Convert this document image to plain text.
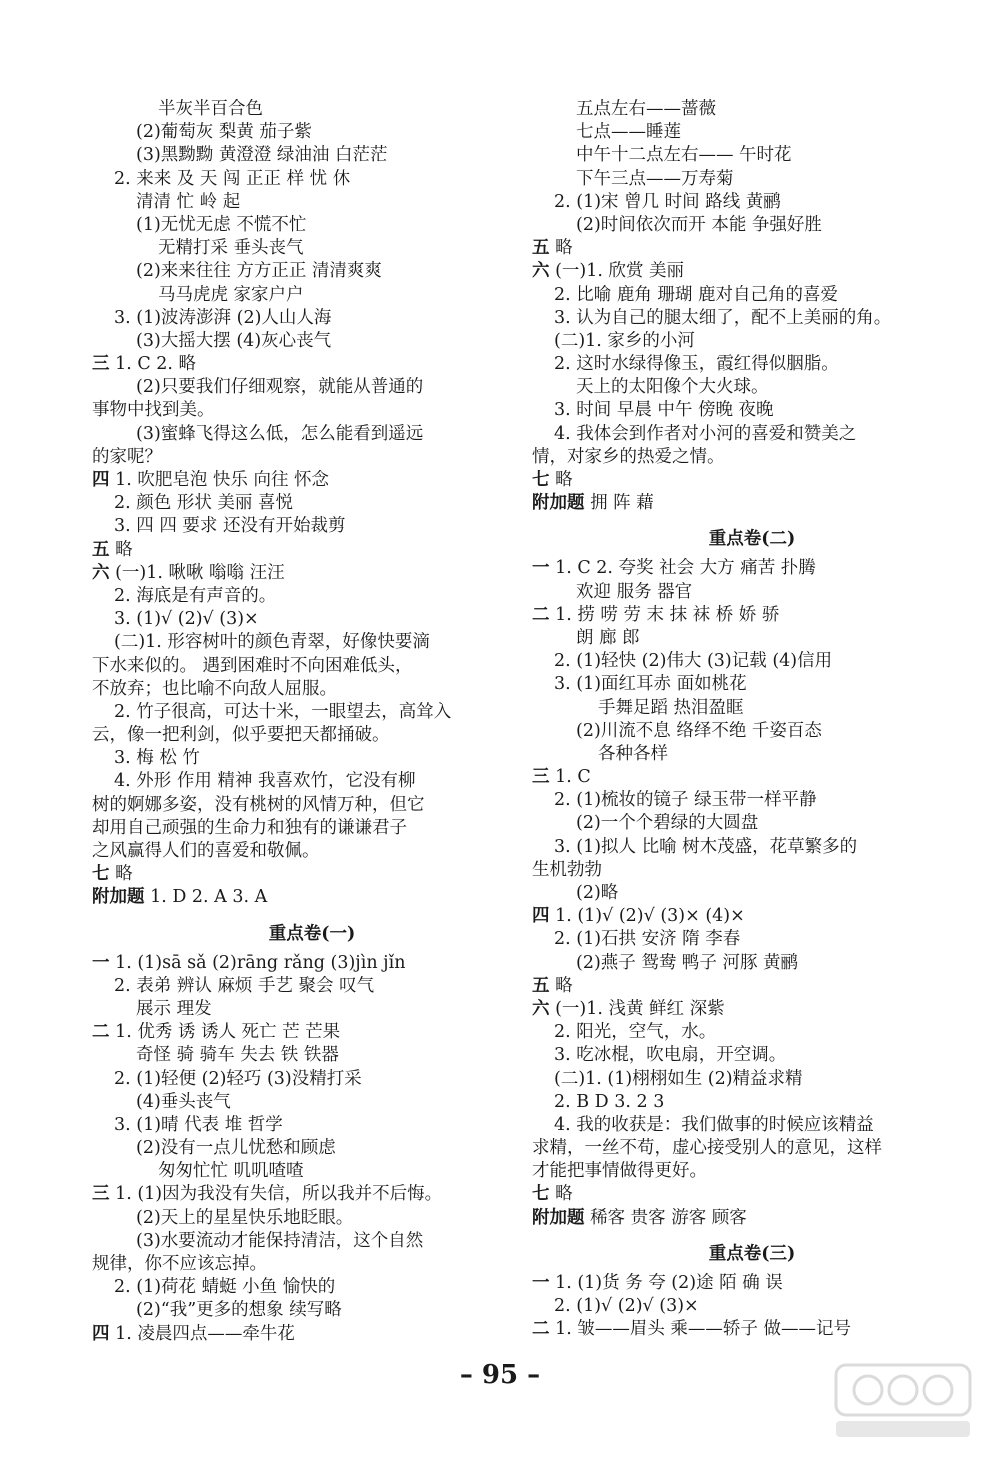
半灰半百合色
(2)葡萄灰 梨黄 茄子紫
(3)黑黝黝 黄澄澄 绿油油 白茫茫
2. 来来 及 天 闯 正正 样 忧 休
清清 忙 岭 起
(1)无忧无虑 不慌不忙
无精打采 垂头丧气
(2)来来往往 方方正正 清清爽爽
马马虎虎 家家户户
3. (1)波涛澎湃 (2)人山人海
(3)大摇大摆 (4)灰心丧气
三 1. C 2. 略
(2)只要我们仔细观察，就能从普通的
事物中找到美。
(3)蜜蜂飞得这么低，怎么能看到遥远
的家呢？
四 1. 吹肥皂泡 快乐 向往 怀念
2. 颜色 形状 美丽 喜悦
3. 四 四 要求 还没有开始裁剪
五 略
六 (一)1. 啾啾 嗡嗡 汪汪
2. 海底是有声音的。
3. (1)√ (2)√ (3)×
(二)1. 形容树叶的颜色青翠，好像快要滴
下水来似的。 遇到困难时不向困难低头，
不放弃；也比喻不向敌人屈服。
2. 竹子很高，可达十米，一眼望去，高耸入
云，像一把利剑，似乎要把天都捅破。
3. 梅 松 竹
4. 外形 作用 精神 我喜欢竹，它没有柳
树的婀娜多姿，没有桃树的风情万种，但它
却用自己顽强的生命力和独有的谦谦君子
之风赢得人们的喜爱和敬佩。
七 略
附加题 1. D 2. A 3. A
重点卷(一)
一 1. (1)sā sǎ (2)rāng rǎng (3)jìn jǐn
2. 表弟 辨认 麻烦 手艺 聚会 叹气
展示 理发
二 1. 优秀 诱 诱人 死亡 芒 芒果
奇怪 骑 骑车 失去 铁 铁器
2. (1)轻便 (2)轻巧 (3)没精打采
(4)垂头丧气
3. (1)晴 代表 堆 哲学
(2)没有一点儿忧愁和顾虑
匆匆忙忙 叽叽喳喳
三 1. (1)因为我没有失信，所以我并不后悔。
(2)天上的星星快乐地眨眼。
(3)水要流动才能保持清洁，这个自然
规律，你不应该忘掉。
2. (1)荷花 蜻蜓 小鱼 愉快的
(2)“我”更多的想象 续写略
四 1. 凌晨四点——牵牛花
五点左右——蔷薇
七点——睡莲
中午十二点左右—— 午时花
下午三点——万寿菊
2. (1)宋 曾几 时间 路线 黄鹂
(2)时间依次而开 本能 争强好胜
五 略
六 (一)1. 欣赏 美丽
2. 比喻 鹿角 珊瑚 鹿对自己角的喜爱
3. 认为自己的腿太细了，配不上美丽的角。
(二)1. 家乡的小河
2. 这时水绿得像玉，霞红得似胭脂。
天上的太阳像个大火球。
3. 时间 早晨 中午 傍晚 夜晚
4. 我体会到作者对小河的喜爱和赞美之
情，对家乡的热爱之情。
七 略
附加题 拥 阵 藉
重点卷(二)
一 1. C 2. 夸奖 社会 大方 痛苦 扑腾
欢迎 服务 器官
二 1. 捞 唠 劳 末 抹 袜 桥 娇 骄
朗 廊 郎
2. (1)轻快 (2)伟大 (3)记载 (4)信用
3. (1)面红耳赤 面如桃花
手舞足蹈 热泪盈眶
(2)川流不息 络绎不绝 千姿百态
各种各样
三 1. C
2. (1)梳妆的镜子 绿玉带一样平静
(2)一个个碧绿的大圆盘
3. (1)拟人 比喻 树木茂盛，花草繁多的
生机勃勃
(2)略
四 1. (1)√ (2)√ (3)× (4)×
2. (1)石拱 安济 隋 李春
(2)燕子 鸳鸯 鸭子 河豚 黄鹂
五 略
六 (一)1. 浅黄 鲜红 深紫
2. 阳光，空气，水。
3. 吃冰棍，吹电扇，开空调。
(二)1. (1)栩栩如生 (2)精益求精
2. B D 3. 2 3
4. 我的收获是：我们做事的时候应该精益
求精，一丝不苟，虚心接受别人的意见，这样
才能把事情做得更好。
七 略
附加题 稀客 贵客 游客 顾客
重点卷(三)
一 1. (1)货 务 夸 (2)途 陌 确 误
2. (1)√ (2)√ (3)×
二 1. 皱——眉头 乘——轿子 做——记号
– 95 –
